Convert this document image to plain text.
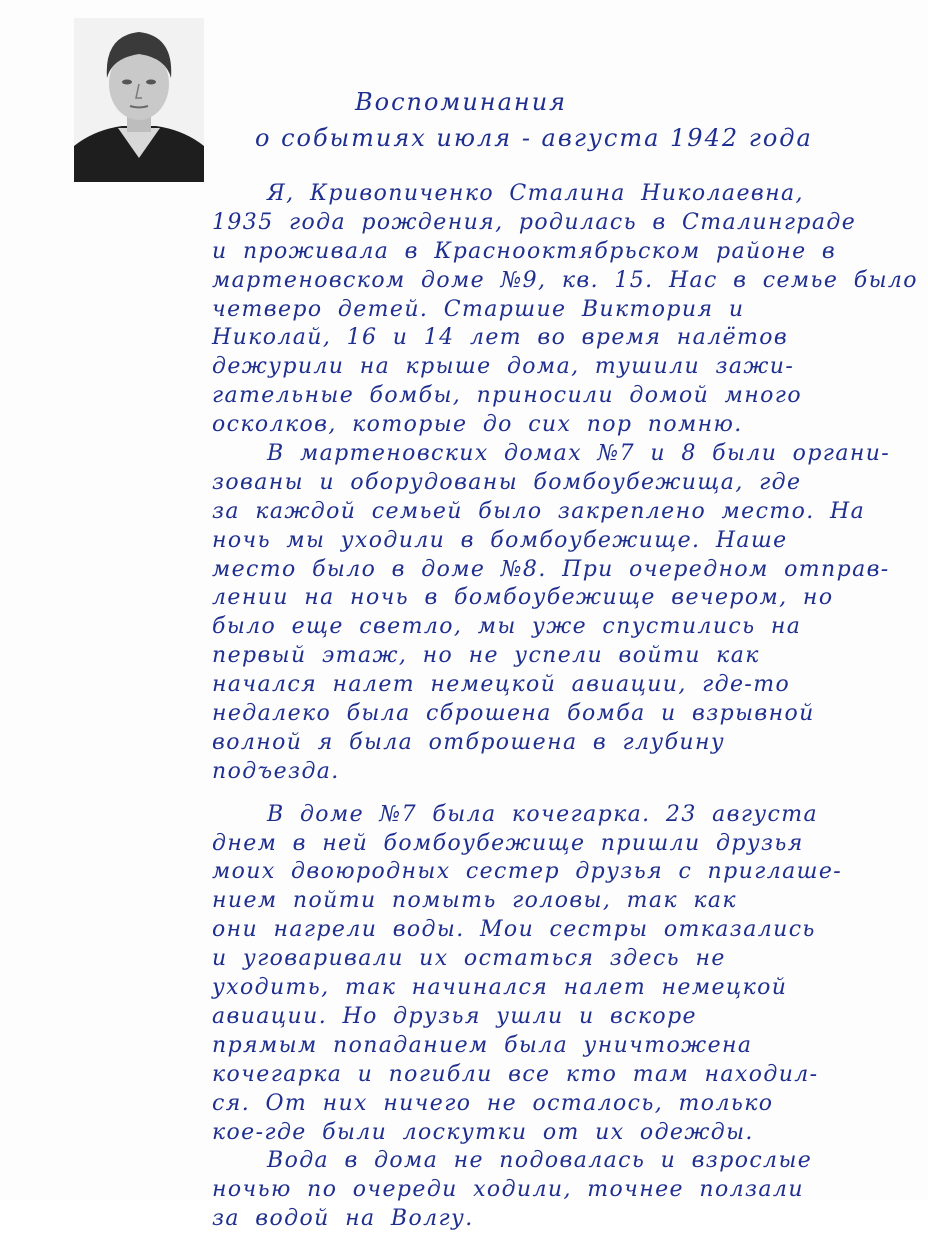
Воспоминания
о событиях июля - августа 1942 года
Я, Кривопиченко Сталина Николаевна,
1935 года рождения, родилась в Сталинграде
и проживала в Краснооктябрьском районе в
мартеновском доме №9, кв. 15. Нас в семье было
четверо детей. Старшие Виктория и
Николай, 16 и 14 лет во время налётов
дежурили на крыше дома, тушили зажи-
гательные бомбы, приносили домой много
осколков, которые до сих пор помню.
В мартеновских домах №7 и 8 были органи-
зованы и оборудованы бомбоубежища, где
за каждой семьей было закреплено место. На
ночь мы уходили в бомбоубежище. Наше
место было в доме №8. При очередном отправ-
лении на ночь в бомбоубежище вечером, но
было еще светло, мы уже спустились на
первый этаж, но не успели войти как
начался налет немецкой авиации, где-то
недалеко была сброшена бомба и взрывной
волной я была отброшена в глубину
подъезда.
В доме №7 была кочегарка. 23 августа
днем в ней бомбоубежище пришли друзья
моих двоюродных сестер друзья с приглаше-
нием пойти помыть головы, так как
они нагрели воды. Мои сестры отказались
и уговаривали их остаться здесь не
уходить, так начинался налет немецкой
авиации. Но друзья ушли и вскоре
прямым попаданием была уничтожена
кочегарка и погибли все кто там находил-
ся. От них ничего не осталось, только
кое-где были лоскутки от их одежды.
Вода в дома не подовалась и взрослые
ночью по очереди ходили, точнее ползали
за водой на Волгу.
